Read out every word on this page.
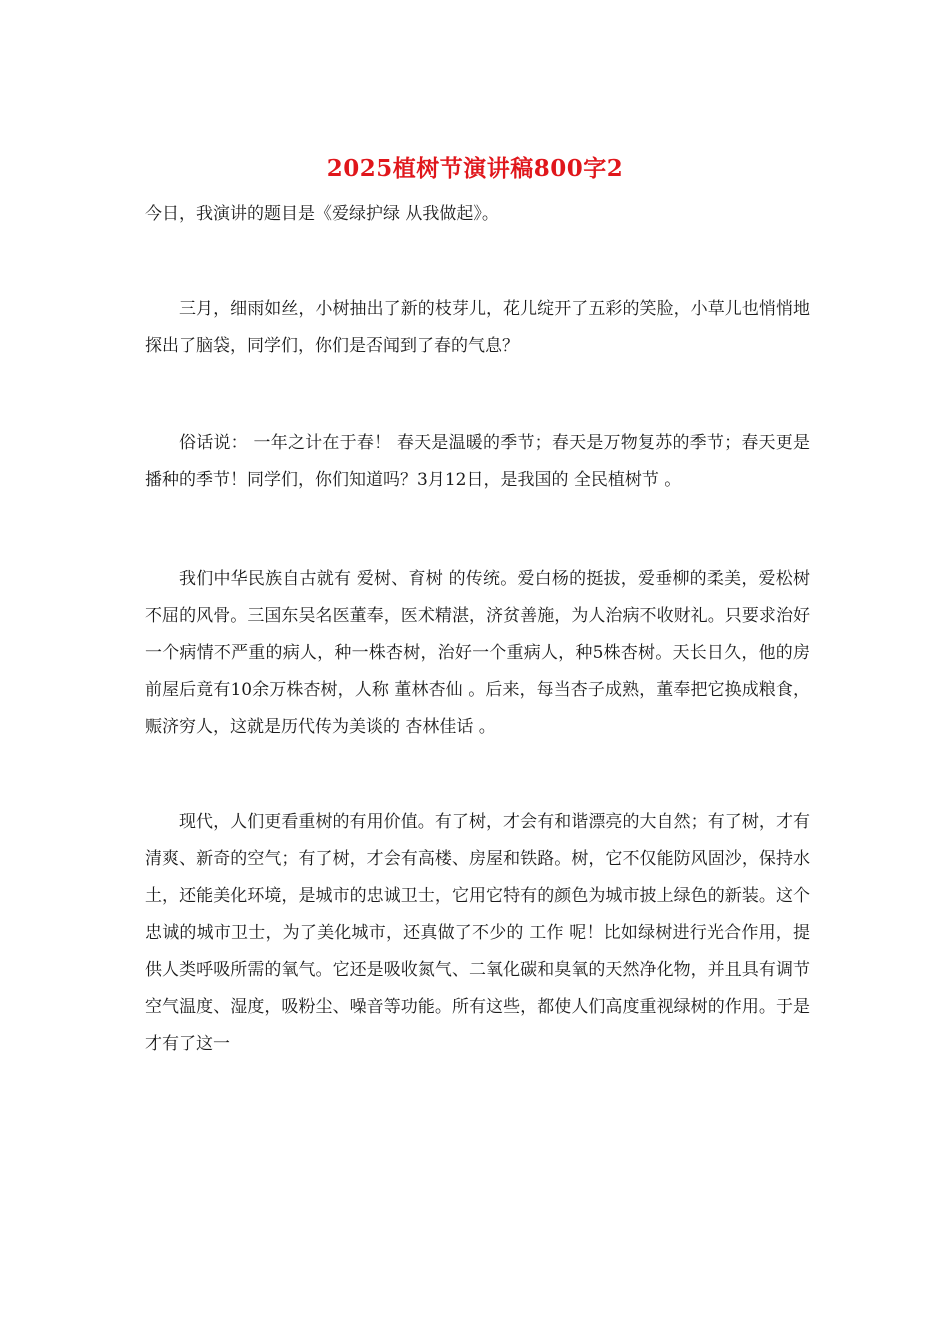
2025植树节演讲稿800字2

今日，我演讲的题目是《爱绿护绿 从我做起》。

三月，细雨如丝，小树抽出了新的枝芽儿，花儿绽开了五彩的笑脸，小草儿也悄悄地探出了脑袋，同学们，你们是否闻到了春的气息？

俗话说： 一年之计在于春！ 春天是温暖的季节；春天是万物复苏的季节；春天更是播种的季节！同学们，你们知道吗？3月12日，是我国的 全民植树节 。

我们中华民族自古就有 爱树、育树 的传统。爱白杨的挺拔，爱垂柳的柔美，爱松树不屈的风骨。三国东吴名医董奉，医术精湛，济贫善施，为人治病不收财礼。只要求治好一个病情不严重的病人，种一株杏树，治好一个重病人，种5株杏树。天长日久，他的房前屋后竟有10余万株杏树，人称 董林杏仙 。后来，每当杏子成熟，董奉把它换成粮食，赈济穷人，这就是历代传为美谈的 杏林佳话 。

现代，人们更看重树的有用价值。有了树，才会有和谐漂亮的大自然；有了树，才有清爽、新奇的空气；有了树，才会有高楼、房屋和铁路。树，它不仅能防风固沙，保持水土，还能美化环境，是城市的忠诚卫士，它用它特有的颜色为城市披上绿色的新装。这个忠诚的城市卫士，为了美化城市，还真做了不少的 工作 呢！比如绿树进行光合作用，提供人类呼吸所需的氧气。它还是吸收氮气、二氧化碳和臭氧的天然净化物，并且具有调节空气温度、湿度，吸粉尘、噪音等功能。所有这些，都使人们高度重视绿树的作用。于是才有了这一
